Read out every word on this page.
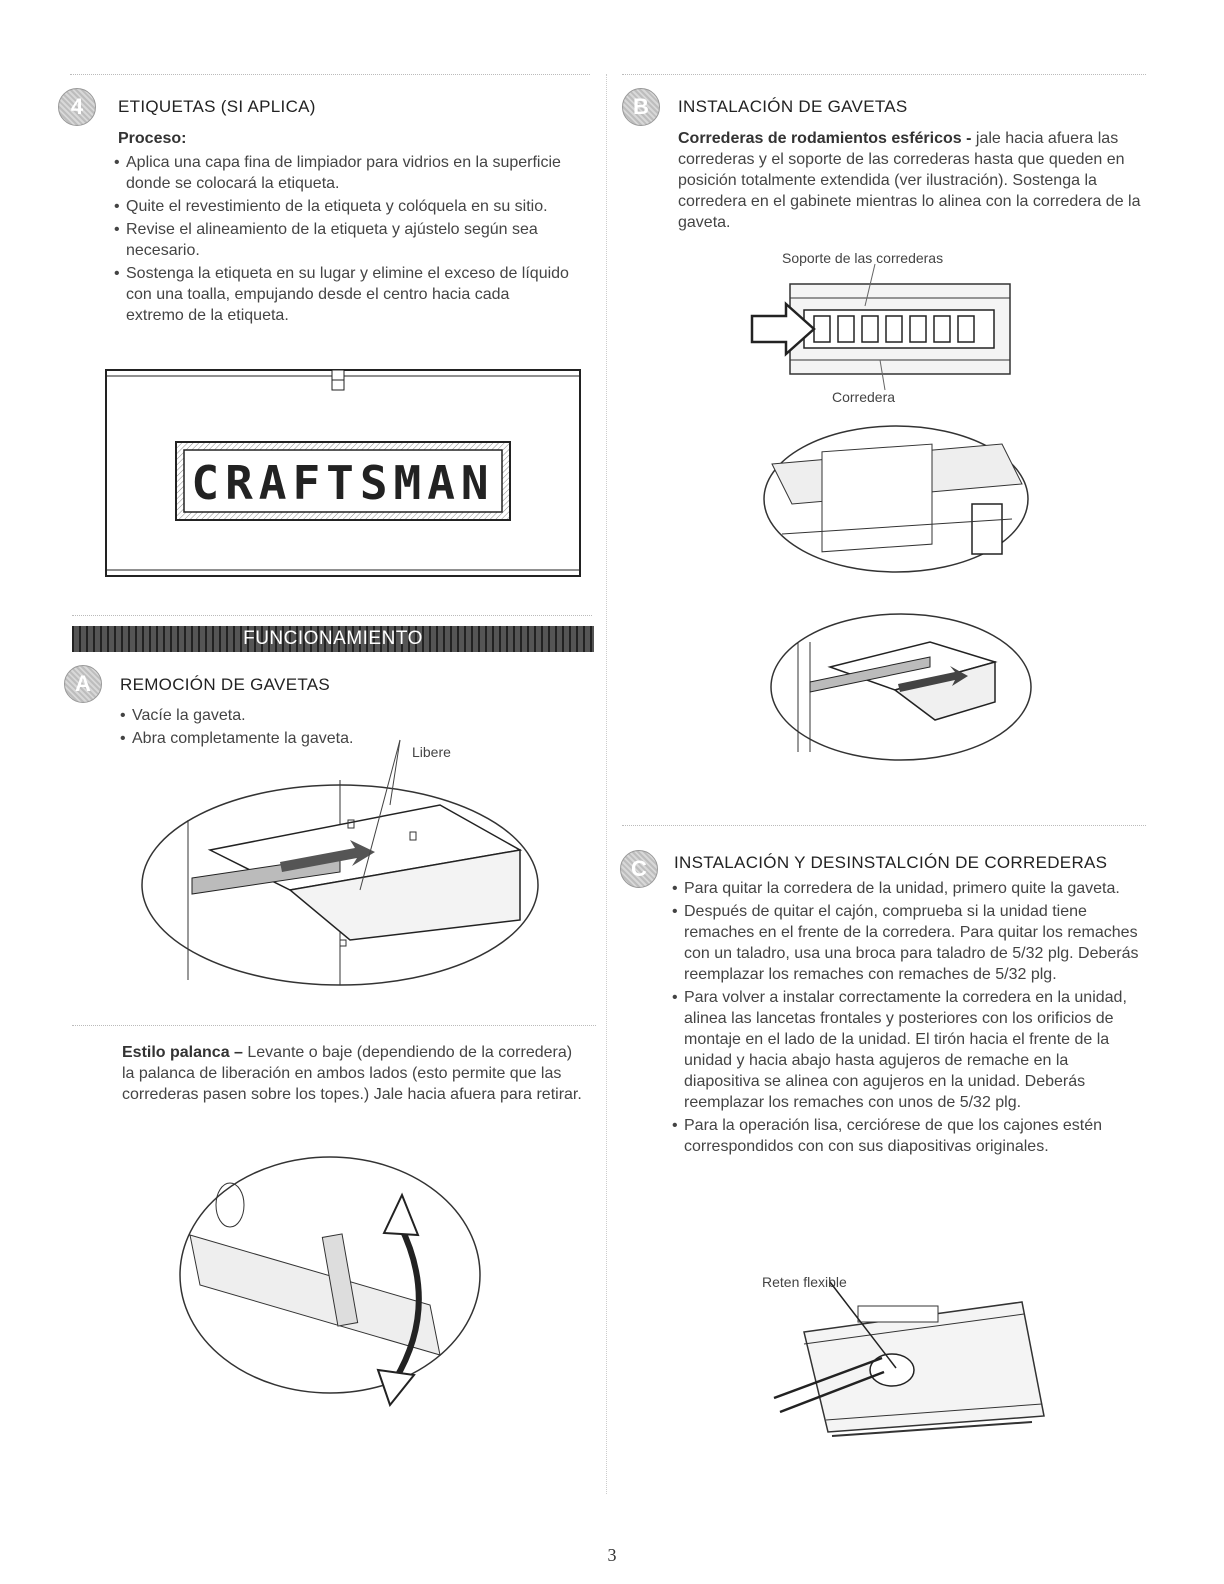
4	ETIQUETAS (SI APLICA)
Proceso:
• Aplica una capa fina de limpiador para vidrios en la superficie donde se colocará la etiqueta.
• Quite el revestimiento de la etiqueta y colóquela en su sitio.
• Revise el alineamiento de la etiqueta y ajústelo según sea necesario.
• Sostenga la etiqueta en su lugar y elimine el exceso de líquido con una toalla, empujando desde el centro hacia cada extremo de la etiqueta.
CRAFTSMAN
FUNCIONAMIENTO
A	REMOCIÓN DE GAVETAS
• Vacíe la gaveta.
• Abra completamente la gaveta.
Libere
Estilo palanca – Levante o baje (dependiendo de la corredera) la palanca de liberación en ambos lados (esto permite que las correderas pasen sobre los topes.) Jale hacia afuera para retirar.
B	INSTALACIÓN DE GAVETAS
Correderas de rodamientos esféricos - jale hacia afuera las correderas y el soporte de las correderas hasta que queden en posición totalmente extendida (ver ilustración). Sostenga la corredera en el gabinete mientras lo alinea con la corredera de la gaveta.
Soporte de las correderas
Corredera
C	INSTALACIÓN Y DESINSTALCIÓN DE CORREDERAS
• Para quitar la corredera de la unidad, primero quite la gaveta.
• Después de quitar el cajón, comprueba si la unidad tiene remaches en el frente de la corredera. Para quitar los remaches con un taladro, usa una broca para taladro de 5/32 plg. Deberás reemplazar los remaches con remaches de 5/32 plg.
• Para volver a instalar correctamente la corredera en la unidad, alinea las lancetas frontales y posteriores con los orificios de montaje en el lado de la unidad. El tirón hacia el frente de la unidad y hacia abajo hasta agujeros de remache en la diapositiva se alinea con agujeros en la unidad. Deberás reemplazar los remaches con unos de 5/32 plg.
• Para la operación lisa, cerciórese de que los cajones estén correspondidos con con sus diapositivas originales.
Reten flexible
3
